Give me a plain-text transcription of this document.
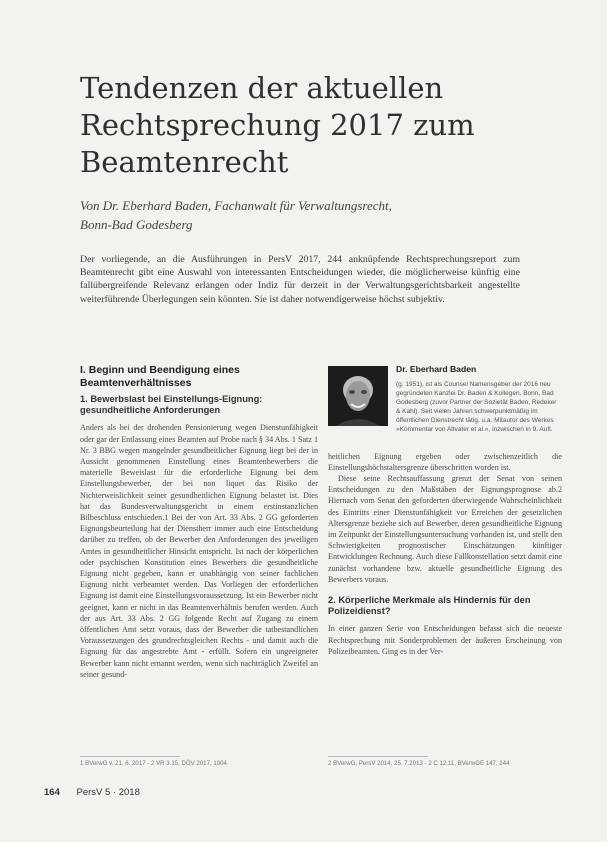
Tendenzen der aktuellen Rechtsprechung 2017 zum Beamtenrecht
Von Dr. Eberhard Baden, Fachanwalt für Verwaltungsrecht,
Bonn-Bad Godesberg
Der vorliegende, an die Ausführungen in PersV 2017, 244 anknüpfende Rechtsprechungsreport zum Beamtenrecht gibt eine Auswahl von interessanten Entscheidungen wieder, die möglicherweise künftig eine fallübergreifende Relevanz erlangen oder Indiz für derzeit in der Verwaltungsgerichtsbarkeit angestellte weiterführende Überlegungen sein könnten. Sie ist daher notwendigerweise höchst subjektiv.
I. Beginn und Beendigung eines Beamtenverhältnisses
1. Bewerbslast bei Einstellungs-Eignung: gesundheitliche Anforderungen

Anders als bei der drohenden Pensionierung wegen Dienstunfähigkeit oder gar der Entlassung eines Beamten auf Probe nach § 34 Abs. 1 Satz 1 Nr. 3 BBG wegen mangelnder gesundheitlicher Eignung liegt bei der in Aussicht genommenen Einstellung eines Beamtenbewerbers die materielle Beweislast für die erforderliche Eignung bei dem Einstellungsbewerber, der bei non liquet das Risiko der Nichterweislichkeit seiner gesundheitlichen Eignung belastet ist. Dies hat das Bundesverwaltungsgericht in einem erstinstanzlichen Bilbeschluss entschieden.1 Bei der von Art. 33 Abs. 2 GG geforderten Eignungsbeurteilung hat der Dienstherr immer auch eine Entscheidung darüber zu treffen, ob der Bewerber den Anforderungen des jeweiligen Amtes in gesundheitlicher Hinsicht entspricht. Ist nach der körperlichen oder psychischen Konstitution eines Bewerbers die gesundheitliche Eignung nicht gegeben, kann er unabhängig von seiner fachlichen Eignung nicht verbeamtet werden. Das Vorliegen der erforderlichen Eignung ist damit eine Einstellungsvoraussetzung. Ist ein Bewerber nicht geeignet, kann er nicht in das Beamtenverhältnis berufen werden. Auch der aus Art. 33 Abs. 2 GG folgende Recht auf Zugang zu einem öffentlichen Amt setzt voraus, dass der Bewerber die tatbestandlichen Voraussetzungen des grundrechtsgleichen Rechts - und damit auch die Eignung für das angestrebte Amt - erfüllt. Sofern ein ungeeigneter Bewerber kann nicht ernannt werden, wenn sich nachträglich Zweifel an seiner gesund-

Dr. Eberhard Baden
(g. 1951), ist als Counsel Namensgeber der 2016 neu gegründeten Kanzlei Dr. Baden & Kollegen, Bonn, Bad Godesberg (zuvor Partner der Sozietät Baden, Redeker & Kahl). Seit vielen Jahren schwerpunktmäßig im öffentlichen Dienstrecht tätig, u.a. Mitautor des Werkes »Kommentar von Altvater et al.«, inzwischen in 9. Aufl.

heitlichen Eignung ergeben oder zwischenzeitlich die Einstellungshöchstaltersgrenze überschritten worden ist.

Diese seine Rechtsauffassung grenzt der Senat von seinen Entscheidungen zu den Maßstäben der Eignungsprognose ab.2 Hiernach vom Senat den geforderten überwiegende Wahrscheinlichkeit des Eintritts einer Dienstunfähigkeit vor Erreichen der gesetzlichen Altersgrenze beziehe sich auf Bewerber, deren gesundheitliche Eignung im Zeitpunkt der Einstellungsuntersuchung vorhanden ist, und stellt den Schwierigkeiten prognostischer Einschätzungen künftiger Entwicklungen Rechnung. Auch diese Fallkonstellation setzt damit eine zunächst vorhandene bzw. aktuelle gesundheitliche Eignung des Bewerbers voraus.

2. Körperliche Merkmale als Hindernis für den Polizeidienst?

In einer ganzen Serie von Entscheidungen befasst sich die neueste Rechtsprechung mit Sonderproblemen der äußeren Erscheinung von Polizeibeamten. Ging es in der Ver-

1 BVerwG v. 21. 6. 2017 - 2 VR 3.15, DÖV 2017, 1004	2 BVerwG, PersV 2014, 25. 7.2013 - 2 C 12.11, BVerwGE 147, 244
164 PersV 5 · 2018
